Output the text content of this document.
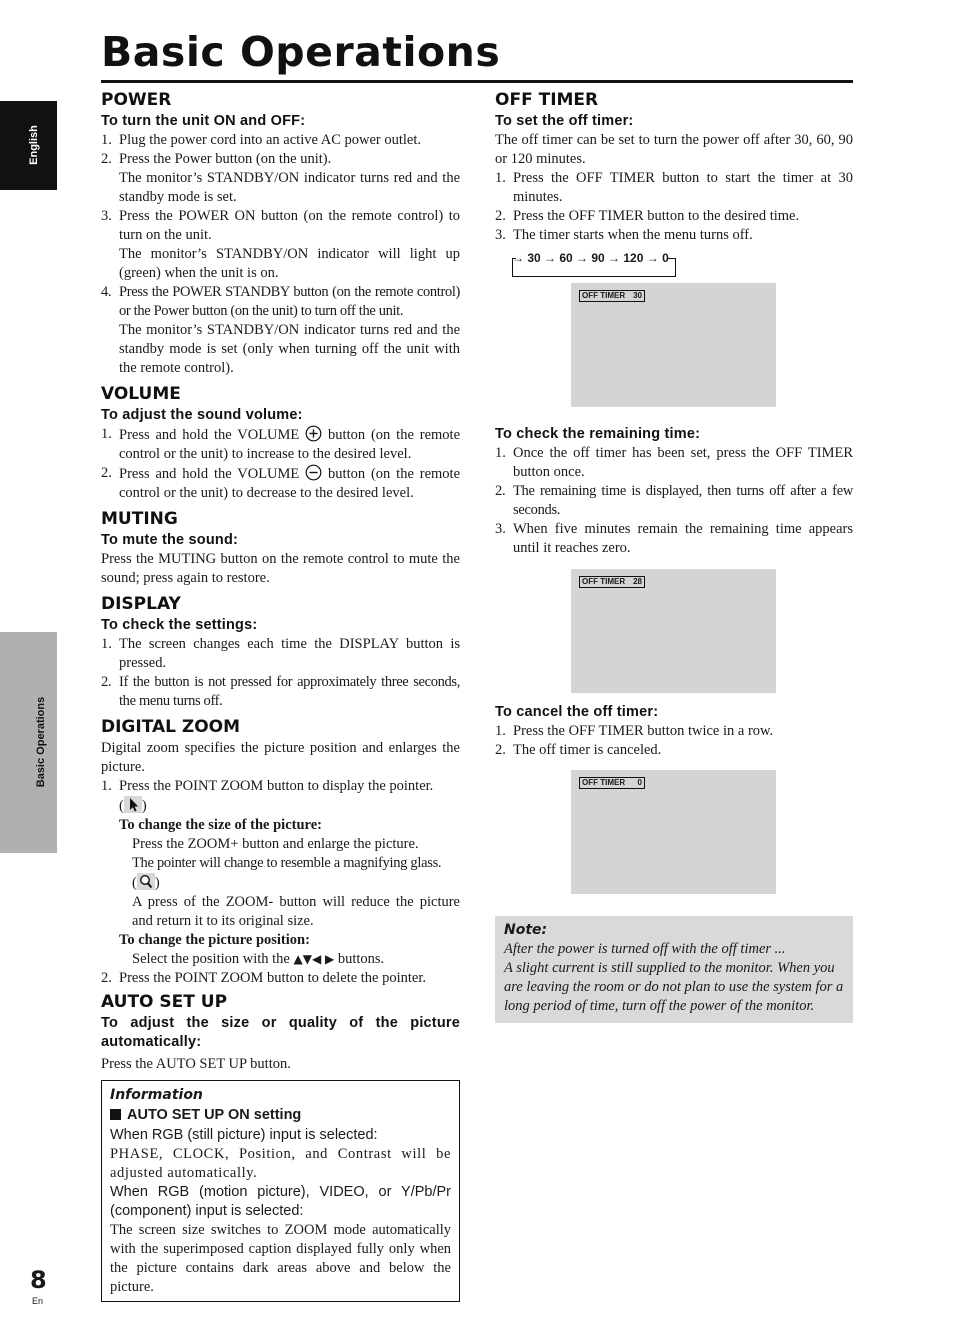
Basic Operations
English
Basic Operations
POWER
To turn the unit ON and OFF:
1. Plug the power cord into an active AC power outlet.
2. Press the Power button (on the unit).
The monitor’s STANDBY/ON indicator turns red and the standby mode is set.
3. Press the POWER ON button (on the remote control) to turn on the unit.
The monitor’s STANDBY/ON indicator will light up (green) when the unit is on.
4. Press the POWER STANDBY button (on the remote control) or the Power button (on the unit) to turn off the unit.
The monitor’s STANDBY/ON indicator turns red and the standby mode is set (only when turning off the unit with the remote control).
VOLUME
To adjust the sound volume:
1. Press and hold the VOLUME button (on the remote control or the unit) to increase to the desired level.
2. Press and hold the VOLUME button (on the remote control or the unit) to decrease to the desired level.
MUTING
To mute the sound:

Press the MUTING button on the remote control to mute the sound; press again to restore.

DISPLAY
To check the settings:
1. The screen changes each time the DISPLAY button is pressed.
2. If the button is not pressed for approximately three seconds, the menu turns off.
DIGITAL ZOOM

Digital zoom specifies the picture position and enlarges the picture.

1. Press the POINT ZOOM button to display the pointer.
( )
To change the size of the picture:
Press the ZOOM+ button and enlarge the picture.
The pointer will change to resemble a magnifying glass.
( )
A press of the ZOOM- button will reduce the picture and return it to its original size.
To change the picture position:
Select the position with the ▲▼◀ ▶ buttons.
2. Press the POINT ZOOM button to delete the pointer.
AUTO SET UP
To adjust the size or quality of the picture automatically:

Press the AUTO SET UP button.

Information
AUTO SET UP ON setting
When RGB (still picture) input is selected:

PHASE, CLOCK, Position, and Contrast will be adjusted automatically.

When RGB (motion picture), VIDEO, or Y/Pb/Pr (component) input is selected:

The screen size switches to ZOOM mode automatically with the superimposed caption displayed fully only when the picture contains dark areas above and below the picture.

OFF TIMER
To set the off timer:

The off timer can be set to turn the power off after 30, 60, 90 or 120 minutes.

1. Press the OFF TIMER button to start the timer at 30 minutes.
2. Press the OFF TIMER button to the desired time.
3. The timer starts when the menu turns off.
→ 30 → 60 → 90 → 120 → 0
OFF TIMER 30
To check the remaining time:
1. Once the off timer has been set, press the OFF TIMER button once.
2. The remaining time is displayed, then turns off after a few seconds.
3. When five minutes remain the remaining time appears until it reaches zero.
OFF TIMER 28
To cancel the off timer:
1. Press the OFF TIMER button twice in a row.
2. The off timer is canceled.
OFF TIMER 0
Note:
After the power is turned off with the off timer ...
A slight current is still supplied to the monitor. When you are leaving the room or do not plan to use the system for a long period of time, turn off the power of the monitor.
8
En
